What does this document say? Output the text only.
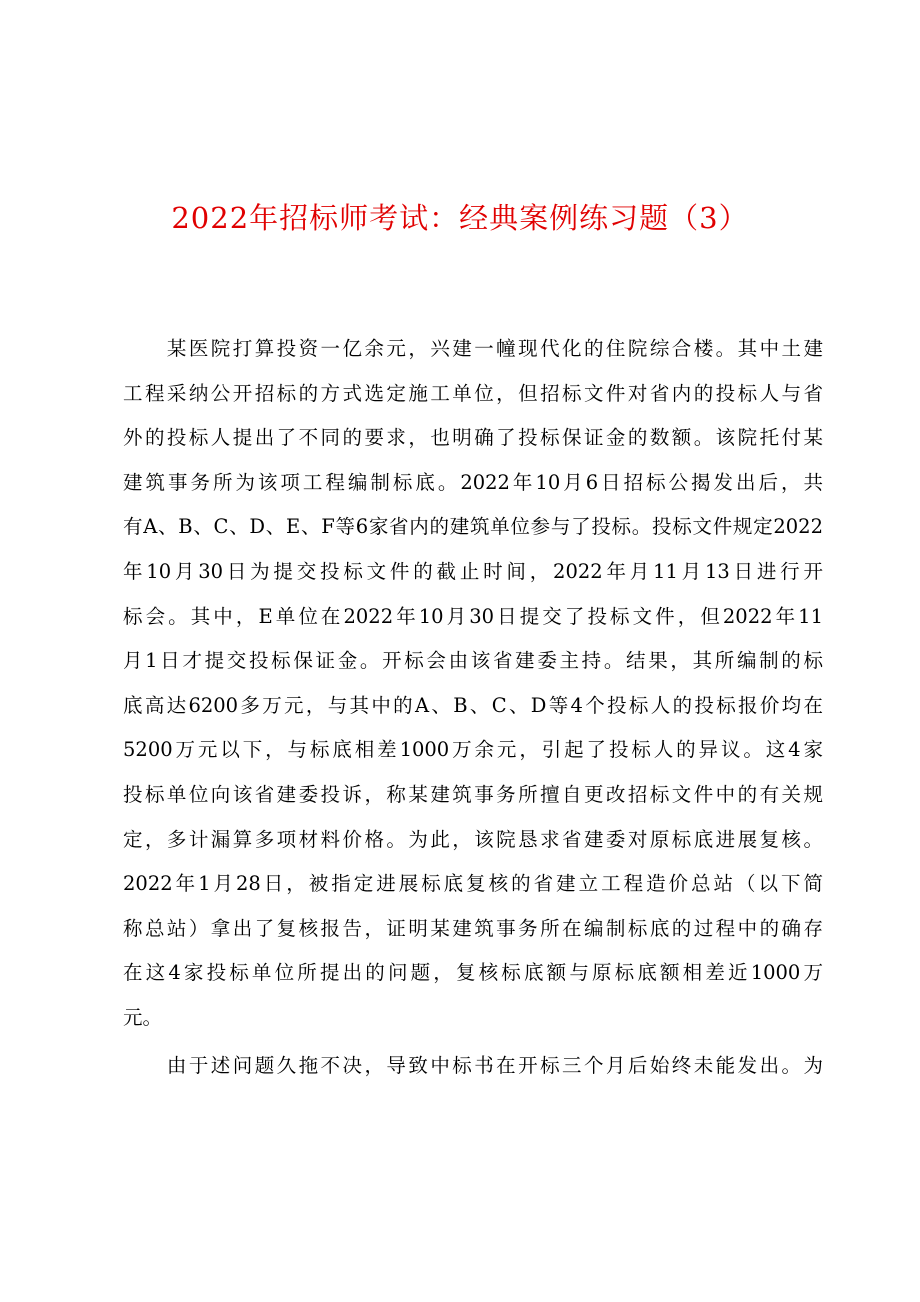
2022年招标师考试：经典案例练习题（3）
　　某医院打算投资一亿余元，兴建一幢现代化的住院综合楼。其中土建
工程采纳公开招标的方式选定施工单位，但招标文件对省内的投标人与省
外的投标人提出了不同的要求，也明确了投标保证金的数额。该院托付某
建筑事务所为该项工程编制标底。2022年10月6日招标公揭发出后，共
有A、B、C、D、E、F等6家省内的建筑单位参与了投标。投标文件规定2022
年10月30日为提交投标文件的截止时间，2022年月11月13日进行开
标会。其中，E单位在2022年10月30日提交了投标文件，但2022年11
月1日才提交投标保证金。开标会由该省建委主持。结果，其所编制的标
底高达6200多万元，与其中的A、B、C、D等4个投标人的投标报价均在
5200万元以下，与标底相差1000万余元，引起了投标人的异议。这4家
投标单位向该省建委投诉，称某建筑事务所擅自更改招标文件中的有关规
定，多计漏算多项材料价格。为此，该院恳求省建委对原标底进展复核。
2022年1月28日，被指定进展标底复核的省建立工程造价总站（以下简
称总站）拿出了复核报告，证明某建筑事务所在编制标底的过程中的确存
在这4家投标单位所提出的问题，复核标底额与原标底额相差近1000万
元。
　　由于述问题久拖不决，导致中标书在开标三个月后始终未能发出。为
